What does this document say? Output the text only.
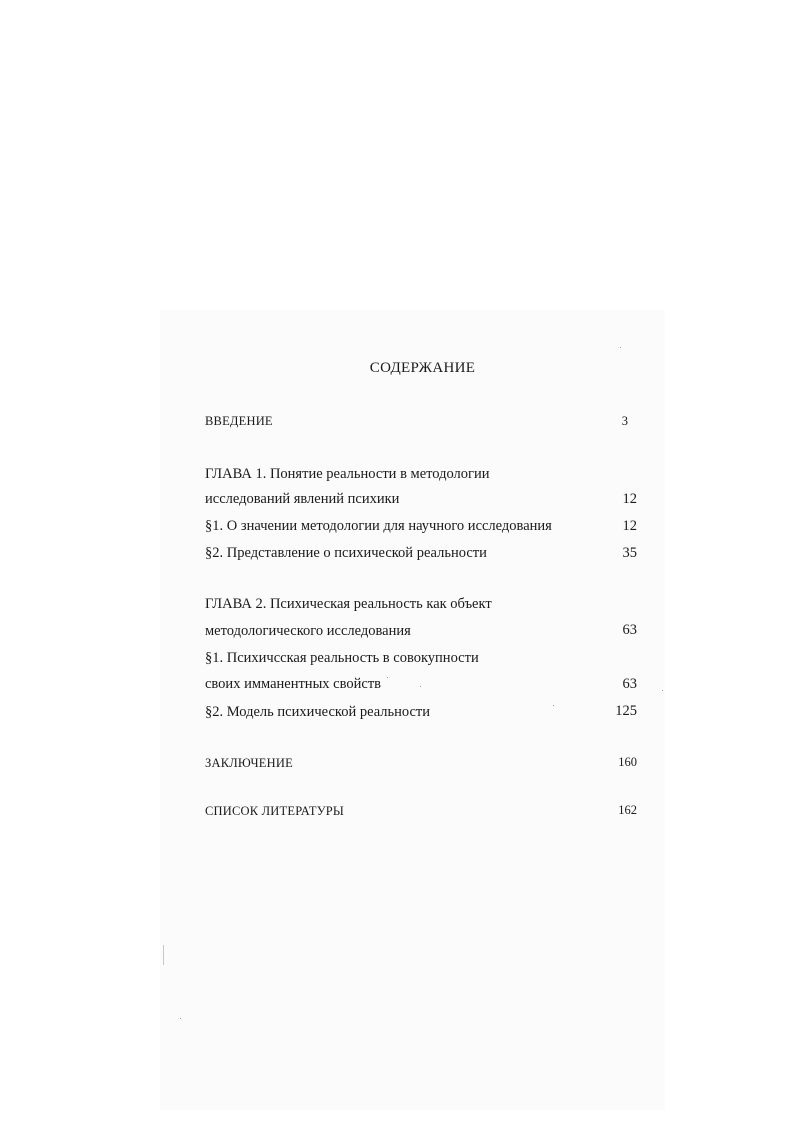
СОДЕРЖАНИЕ
ВВЕДЕНИЕ	3
ГЛАВА 1. Понятие реальности в методологии
исследований явлений психики	12
§1. О значении методологии для научного исследования	12
§2. Представление о психической реальности	35
ГЛАВА 2. Психическая реальность как объект
методологического исследования	63
§1. Психичсская реальность в совокупности
своих имманентных свойств	63
§2. Модель психической реальности	125
ЗАКЛЮЧЕНИЕ	160
СПИСОК ЛИТЕРАТУРЫ	162
